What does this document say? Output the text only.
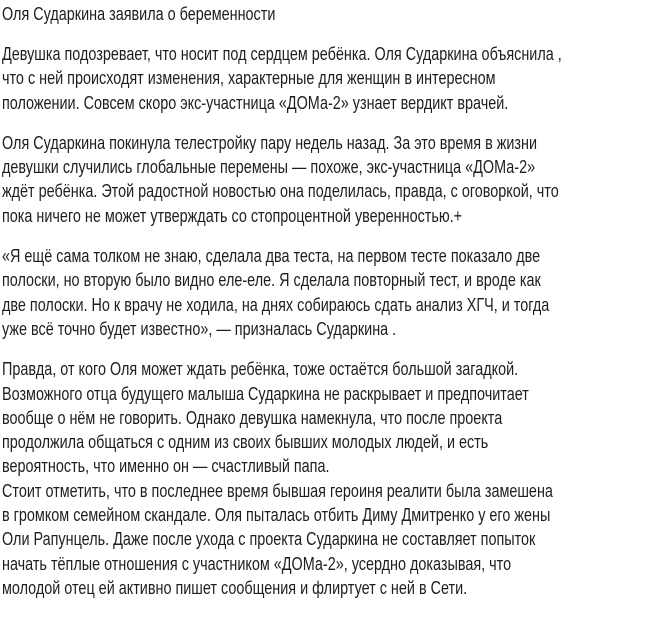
Оля Сударкина заявила о беременности

Девушка подозревает, что носит под сердцем ребёнка. Оля Сударкина объяснила ,
что с ней происходят изменения, характерные для женщин в интересном
положении. Совсем скоро экс-участница «ДОМа-2» узнает вердикт врачей.

Оля Сударкина покинула телестройку пару недель назад. За это время в жизни
девушки случились глобальные перемены — похоже, экс-участница «ДОМа-2»
ждёт ребёнка. Этой радостной новостью она поделилась, правда, с оговоркой, что
пока ничего не может утверждать со стопроцентной уверенностью.+

«Я ещё сама толком не знаю, сделала два теста, на первом тесте показало две
полоски, но вторую было видно еле-еле. Я сделала повторный тест, и вроде как
две полоски. Но к врачу не ходила, на днях собираюсь сдать анализ ХГЧ, и тогда
уже всё точно будет известно», — призналась Сударкина .

Правда, от кого Оля может ждать ребёнка, тоже остаётся большой загадкой.
Возможного отца будущего малыша Сударкина не раскрывает и предпочитает
вообще о нём не говорить. Однако девушка намекнула, что после проекта
продолжила общаться с одним из своих бывших молодых людей, и есть
вероятность, что именно он — счастливый папа.
Стоит отметить, что в последнее время бывшая героиня реалити была замешена
в громком семейном скандале. Оля пыталась отбить Диму Дмитренко у его жены
Оли Рапунцель. Даже после ухода с проекта Сударкина не составляет попыток
начать тёплые отношения с участником «ДОМа-2», усердно доказывая, что
молодой отец ей активно пишет сообщения и флиртует с ней в Сети.
